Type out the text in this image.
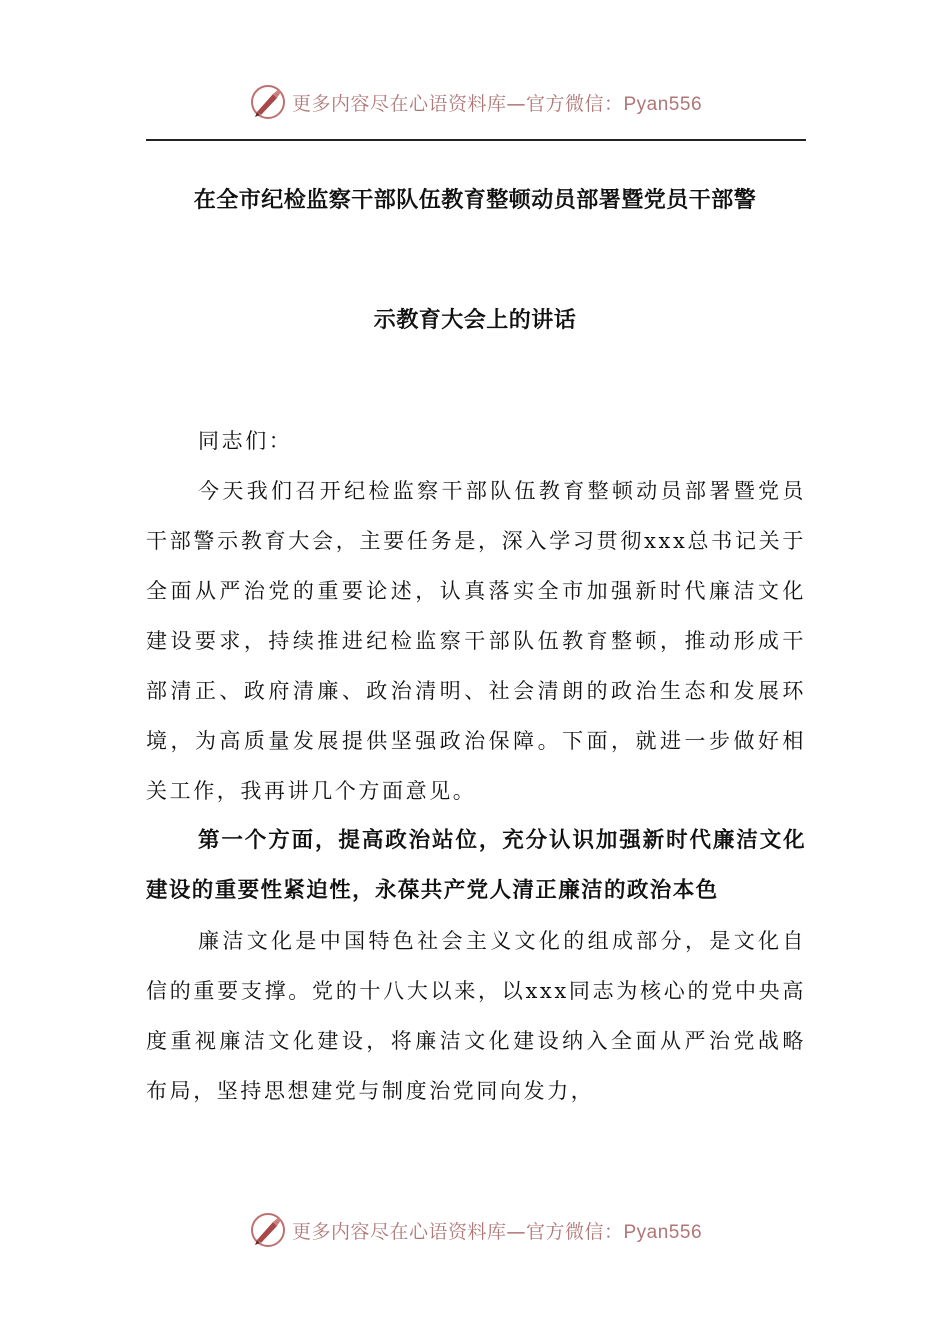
更多内容尽在心语资料库—官方微信：Pyan556
在全市纪检监察干部队伍教育整顿动员部署暨党员干部警
示教育大会上的讲话

同志们：

今天我们召开纪检监察干部队伍教育整顿动员部署暨党员干部警示教育大会，主要任务是，深入学习贯彻xxx总书记关于全面从严治党的重要论述，认真落实全市加强新时代廉洁文化建设要求，持续推进纪检监察干部队伍教育整顿，推动形成干部清正、政府清廉、政治清明、社会清朗的政治生态和发展环境，为高质量发展提供坚强政治保障。下面，就进一步做好相关工作，我再讲几个方面意见。

第一个方面，提高政治站位，充分认识加强新时代廉洁文化建设的重要性紧迫性，永葆共产党人清正廉洁的政治本色

廉洁文化是中国特色社会主义文化的组成部分，是文化自信的重要支撑。党的十八大以来，以xxx同志为核心的党中央高度重视廉洁文化建设，将廉洁文化建设纳入全面从严治党战略布局，坚持思想建党与制度治党同向发力，

更多内容尽在心语资料库—官方微信：Pyan556
